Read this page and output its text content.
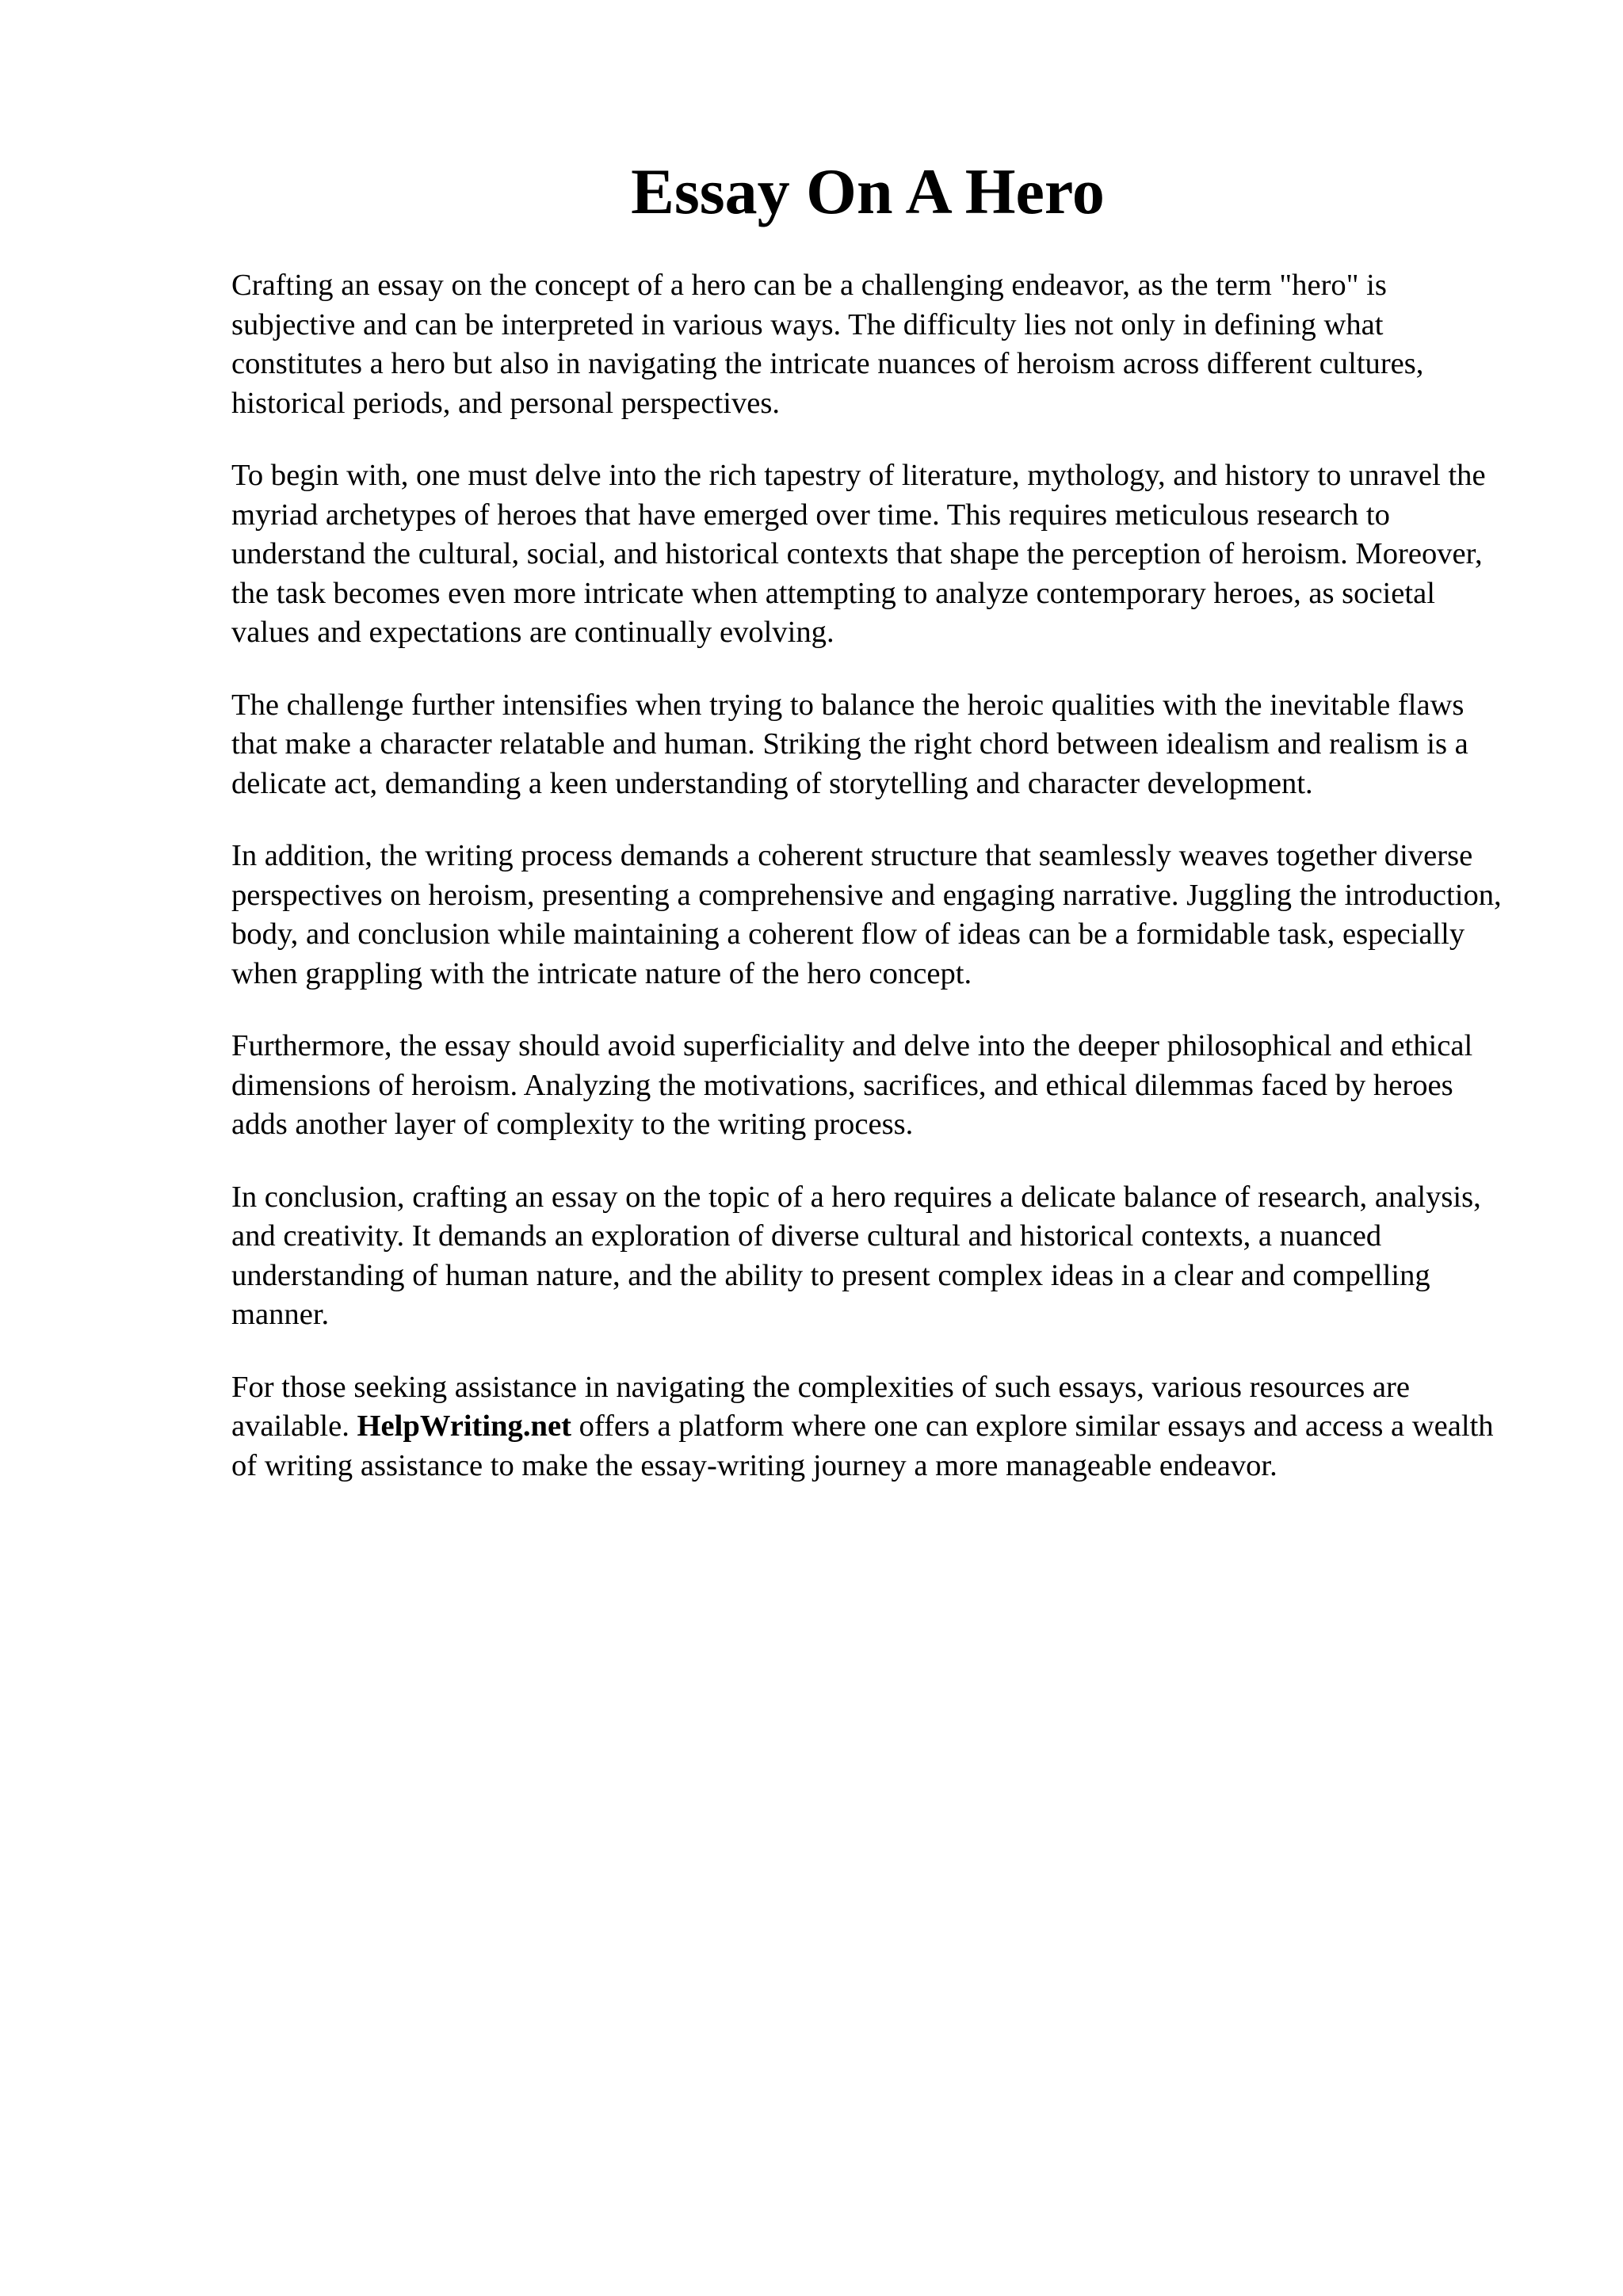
Essay On A Hero

Crafting an essay on the concept of a hero can be a challenging endeavor, as the term "hero" is subjective and can be interpreted in various ways. The difficulty lies not only in defining what constitutes a hero but also in navigating the intricate nuances of heroism across different cultures, historical periods, and personal perspectives.

To begin with, one must delve into the rich tapestry of literature, mythology, and history to unravel the myriad archetypes of heroes that have emerged over time. This requires meticulous research to understand the cultural, social, and historical contexts that shape the perception of heroism. Moreover, the task becomes even more intricate when attempting to analyze contemporary heroes, as societal values and expectations are continually evolving.

The challenge further intensifies when trying to balance the heroic qualities with the inevitable flaws that make a character relatable and human. Striking the right chord between idealism and realism is a delicate act, demanding a keen understanding of storytelling and character development.

In addition, the writing process demands a coherent structure that seamlessly weaves together diverse perspectives on heroism, presenting a comprehensive and engaging narrative. Juggling the introduction, body, and conclusion while maintaining a coherent flow of ideas can be a formidable task, especially when grappling with the intricate nature of the hero concept.

Furthermore, the essay should avoid superficiality and delve into the deeper philosophical and ethical dimensions of heroism. Analyzing the motivations, sacrifices, and ethical dilemmas faced by heroes adds another layer of complexity to the writing process.

In conclusion, crafting an essay on the topic of a hero requires a delicate balance of research, analysis, and creativity. It demands an exploration of diverse cultural and historical contexts, a nuanced understanding of human nature, and the ability to present complex ideas in a clear and compelling manner.

For those seeking assistance in navigating the complexities of such essays, various resources are available. HelpWriting.net offers a platform where one can explore similar essays and access a wealth of writing assistance to make the essay-writing journey a more manageable endeavor.
